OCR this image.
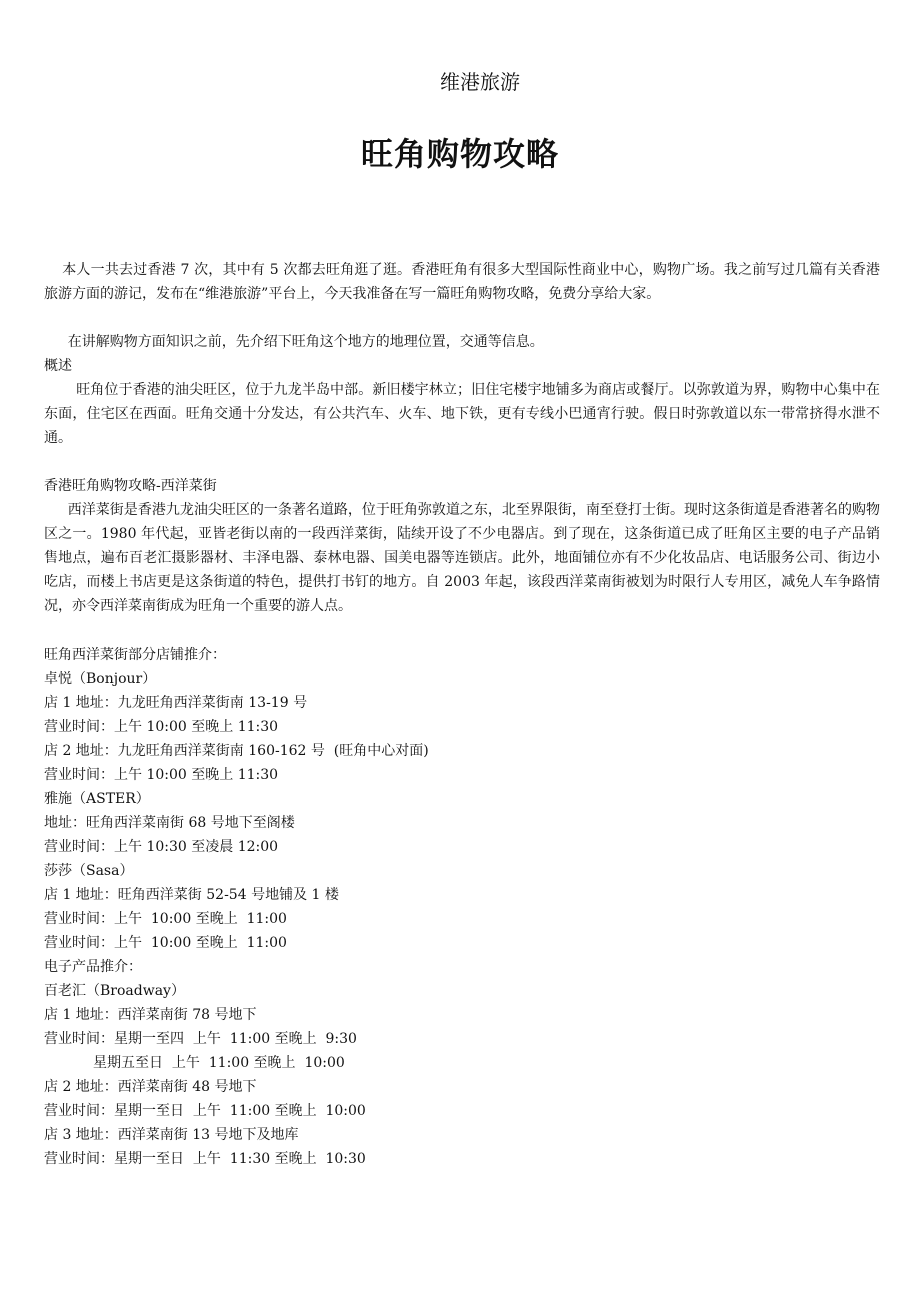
维港旅游
旺角购物攻略

本人一共去过香港 7 次，其中有 5 次都去旺角逛了逛。香港旺角有很多大型国际性商业中心，购物广场。我之前写过几篇有关香港旅游方面的游记，发布在“维港旅游”平台上，今天我准备在写一篇旺角购物攻略，免费分享给大家。

在讲解购物方面知识之前，先介绍下旺角这个地方的地理位置，交通等信息。

概述

旺角位于香港的油尖旺区，位于九龙半岛中部。新旧楼宇林立；旧住宅楼宇地铺多为商店或餐厅。以弥敦道为界，购物中心集中在东面，住宅区在西面。旺角交通十分发达，有公共汽车、火车、地下铁，更有专线小巴通宵行驶。假日时弥敦道以东一带常挤得水泄不通。

香港旺角购物攻略-西洋菜街

西洋菜街是香港九龙油尖旺区的一条著名道路，位于旺角弥敦道之东，北至界限街，南至登打士街。现时这条街道是香港著名的购物区之一。1980 年代起，亚皆老街以南的一段西洋菜街，陆续开设了不少电器店。到了现在，这条街道已成了旺角区主要的电子产品销售地点，遍布百老汇摄影器材、丰泽电器、泰林电器、国美电器等连锁店。此外，地面铺位亦有不少化妆品店、电话服务公司、街边小吃店，而楼上书店更是这条街道的特色，提供打书钉的地方。自 2003 年起，该段西洋菜南街被划为时限行人专用区，减免人车争路情况，亦令西洋菜南街成为旺角一个重要的游人点。

旺角西洋菜街部分店铺推介：

卓悦（Bonjour）

店 1 地址：九龙旺角西洋菜街南 13-19 号

营业时间：上午 10:00 至晚上 11:30

店 2 地址：九龙旺角西洋菜街南 160-162 号  (旺角中心对面)

营业时间：上午 10:00 至晚上 11:30

雅施（ASTER）

地址：旺角西洋菜南街 68 号地下至阁楼

营业时间：上午 10:30 至凌晨 12:00

莎莎（Sasa）

店 1 地址：旺角西洋菜街 52-54 号地铺及 1 楼

营业时间：上午  10:00 至晚上  11:00

营业时间：上午  10:00 至晚上  11:00

电子产品推介：

百老汇（Broadway）

店 1 地址：西洋菜南街 78 号地下

营业时间：星期一至四  上午  11:00 至晚上  9:30

星期五至日  上午  11:00 至晚上  10:00

店 2 地址：西洋菜南街 48 号地下

营业时间：星期一至日  上午  11:00 至晚上  10:00

店 3 地址：西洋菜南街 13 号地下及地库

营业时间：星期一至日  上午  11:30 至晚上  10:30
